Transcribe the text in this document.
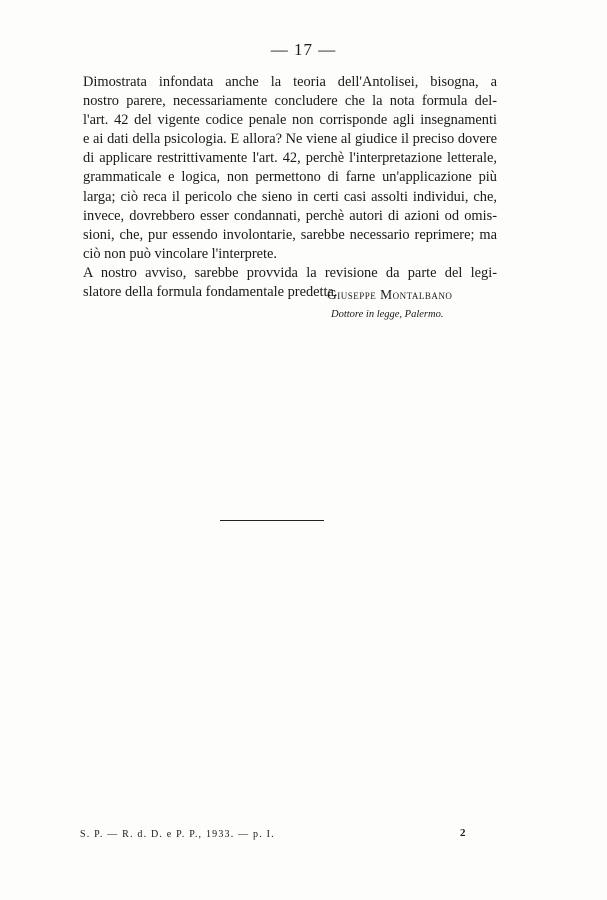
— 17 —
Dimostrata infondata anche la teoria dell'Antolisei, bisogna, a
nostro parere, necessariamente concludere che la nota formula del-
l'art. 42 del vigente codice penale non corrisponde agli insegnamenti
e ai dati della psicologia. E allora? Ne viene al giudice il preciso dovere
di applicare restrittivamente l'art. 42, perchè l'interpretazione letterale,
grammaticale e logica, non permettono di farne un'applicazione più
larga; ciò reca il pericolo che sieno in certi casi assolti individui, che,
invece, dovrebbero esser condannati, perchè autori di azioni od omis-
sioni, che, pur essendo involontarie, sarebbe necessario reprimere; ma
ciò non può vincolare l'interprete.
A nostro avviso, sarebbe provvida la revisione da parte del legi-
slatore della formula fondamentale predetta.
Giuseppe Montalbano
Dottore in legge, Palermo.
S. P. — R. d. D. e P. P., 1933. — p. I.	2
